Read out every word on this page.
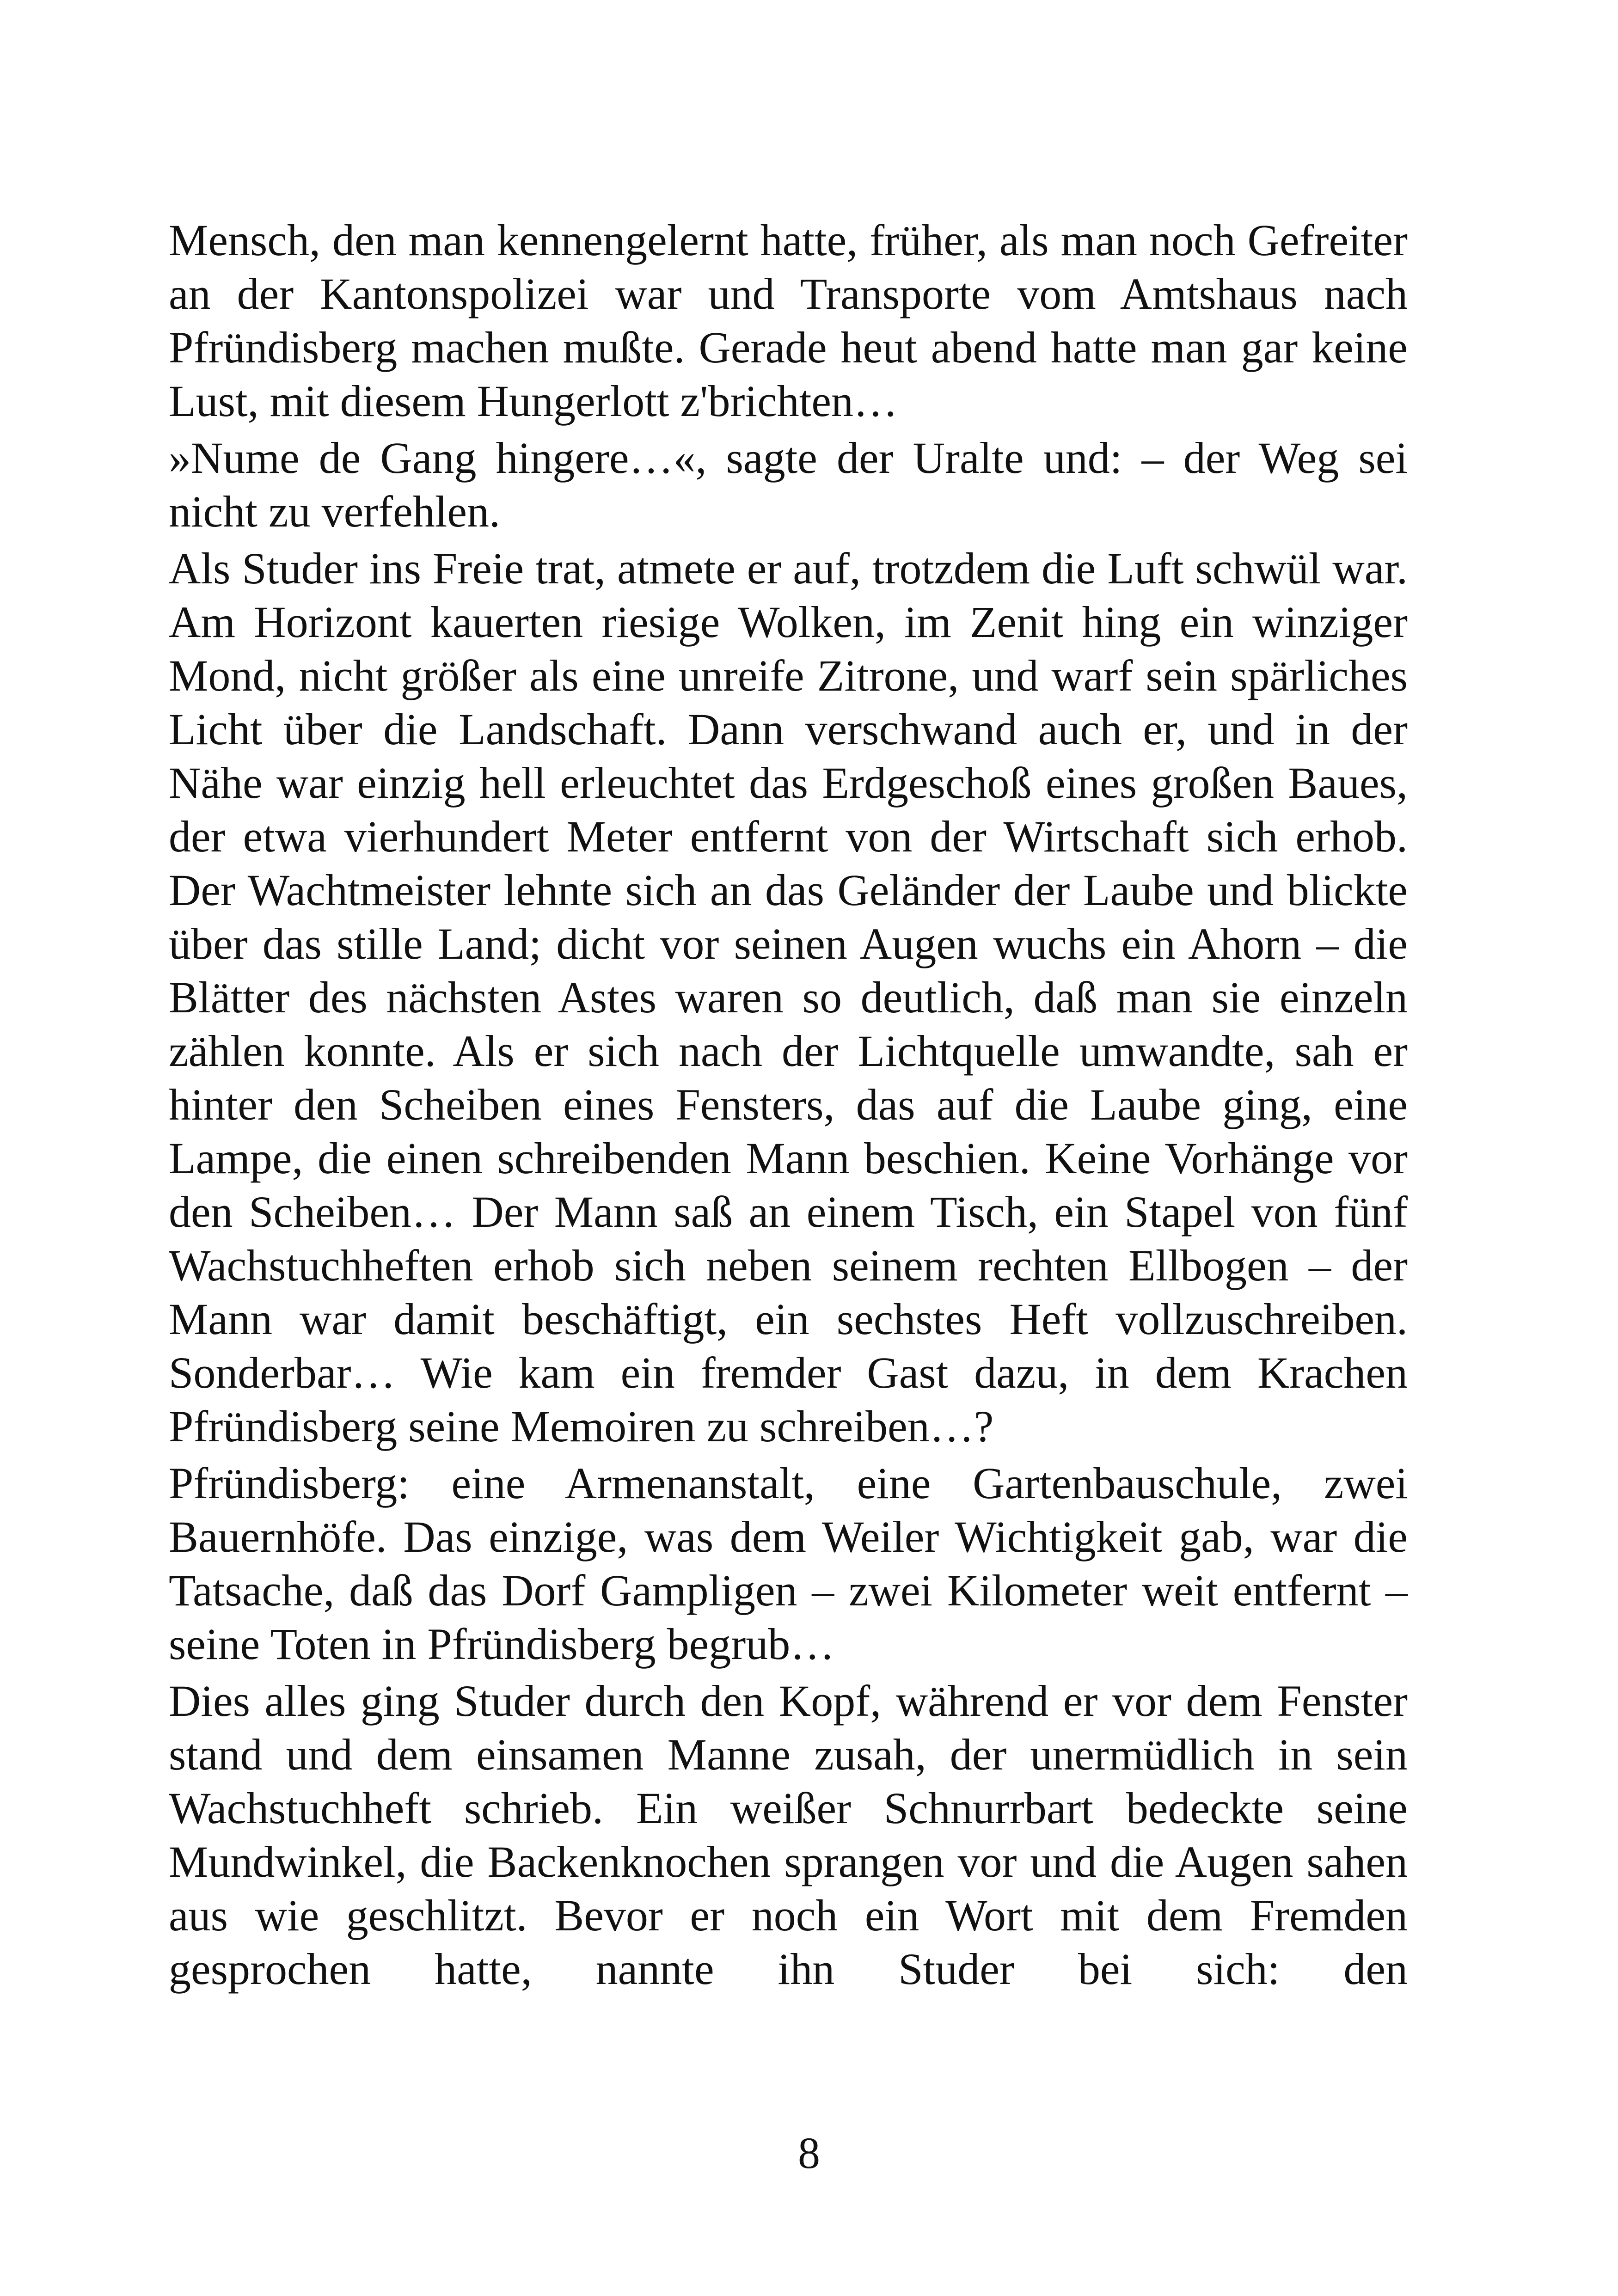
Mensch, den man kennengelernt hatte, früher, als man noch Gefreiter an der Kantonspolizei war und Transporte vom Amtshaus nach Pfründisberg machen mußte. Gerade heut abend hatte man gar keine Lust, mit diesem Hungerlott z'brichten…

»Nume de Gang hingere…«, sagte der Uralte und: – der Weg sei nicht zu verfehlen.

Als Studer ins Freie trat, atmete er auf, trotzdem die Luft schwül war. Am Horizont kauerten riesige Wolken, im Zenit hing ein winziger Mond, nicht größer als eine unreife Zitrone, und warf sein spärliches Licht über die Landschaft. Dann verschwand auch er, und in der Nähe war einzig hell erleuchtet das Erdgeschoß eines großen Baues, der etwa vierhundert Meter entfernt von der Wirtschaft sich erhob. Der Wachtmeister lehnte sich an das Geländer der Laube und blickte über das stille Land; dicht vor seinen Augen wuchs ein Ahorn – die Blätter des nächsten Astes waren so deutlich, daß man sie einzeln zählen konnte. Als er sich nach der Lichtquelle umwandte, sah er hinter den Scheiben eines Fensters, das auf die Laube ging, eine Lampe, die einen schreibenden Mann beschien. Keine Vorhänge vor den Scheiben… Der Mann saß an einem Tisch, ein Stapel von fünf Wachstuchheften erhob sich neben seinem rechten Ellbogen – der Mann war damit beschäftigt, ein sechstes Heft vollzuschreiben. Sonderbar… Wie kam ein fremder Gast dazu, in dem Krachen Pfründisberg seine Memoiren zu schreiben…?

Pfründisberg: eine Armenanstalt, eine Gartenbauschule, zwei Bauernhöfe. Das einzige, was dem Weiler Wichtigkeit gab, war die Tatsache, daß das Dorf Gampligen – zwei Kilometer weit entfernt – seine Toten in Pfründisberg begrub…

Dies alles ging Studer durch den Kopf, während er vor dem Fenster stand und dem einsamen Manne zusah, der unermüdlich in sein Wachstuchheft schrieb. Ein weißer Schnurrbart bedeckte seine Mundwinkel, die Backenknochen sprangen vor und die Augen sahen aus wie geschlitzt. Bevor er noch ein Wort mit dem Fremden gesprochen hatte, nannte ihn Studer bei sich: den

8
